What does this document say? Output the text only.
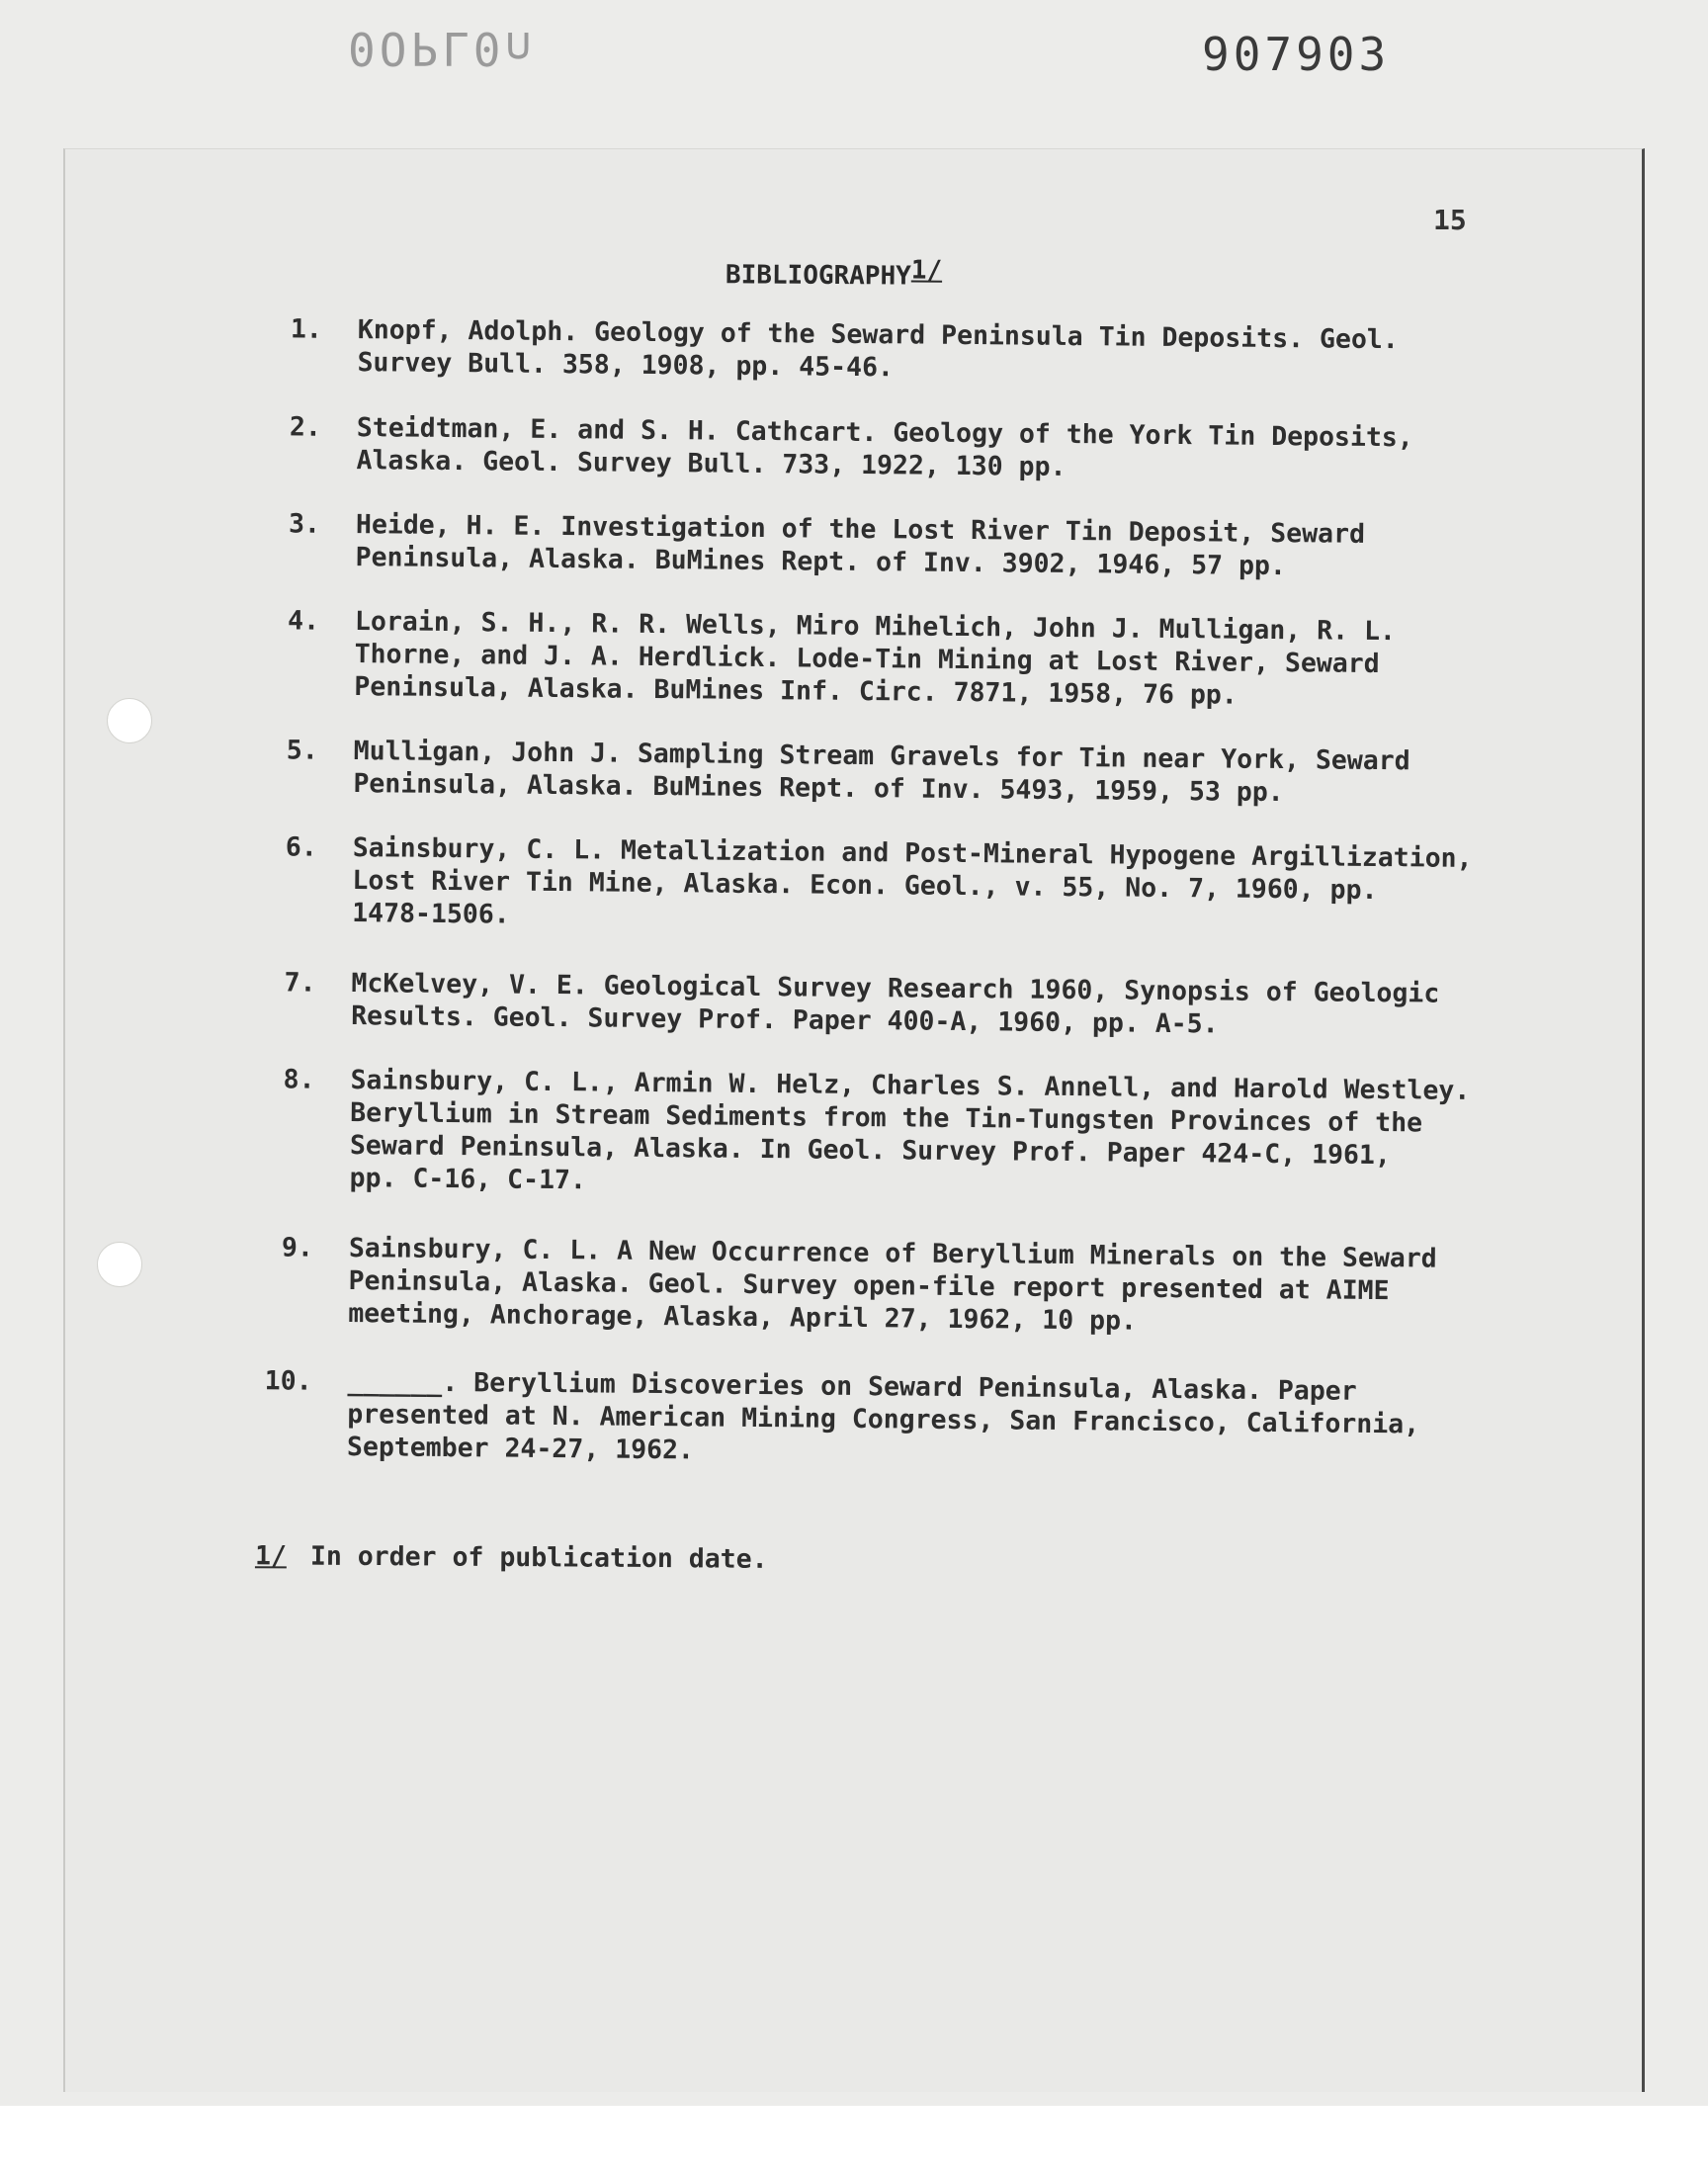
0OPL0∩	907903
15
$BIBLIOGRAPHY^{1/}$
1. Knopf, Adolph. Geology of the Seward Peninsula Tin Deposits. Geol.
Survey Bull. 358, 1908, pp. 45-46.
2. Steidtman, E. and S. H. Cathcart. Geology of the York Tin Deposits,
Alaska. Geol. Survey Bull. 733, 1922, 130 pp.
3. Heide, H. E. Investigation of the Lost River Tin Deposit, Seward
Peninsula, Alaska. BuMines Rept. of Inv. 3902, 1946, 57 pp.
4. Lorain, S. H., R. R. Wells, Miro Mihelich, John J. Mulligan, R. L.
Thorne, and J. A. Herdlick. Lode-Tin Mining at Lost River, Seward
Peninsula, Alaska. BuMines Inf. Circ. 7871, 1958, 76 pp.
5. Mulligan, John J. Sampling Stream Gravels for Tin near York, Seward
Peninsula, Alaska. BuMines Rept. of Inv. 5493, 1959, 53 pp.
6. Sainsbury, C. L. Metallization and Post-Mineral Hypogene Argillization,
Lost River Tin Mine, Alaska. Econ. Geol., v. 55, No. 7, 1960, pp.
1478-1506.
7. McKelvey, V. E. Geological Survey Research 1960, Synopsis of Geologic
Results. Geol. Survey Prof. Paper 400-A, 1960, pp. A-5.
8. Sainsbury, C. L., Armin W. Helz, Charles S. Annell, and Harold Westley.
Beryllium in Stream Sediments from the Tin-Tungsten Provinces of the
Seward Peninsula, Alaska. In Geol. Survey Prof. Paper 424-C, 1961,
pp. C-16, C-17.
9. Sainsbury, C. L. A New Occurrence of Beryllium Minerals on the Seward
Peninsula, Alaska. Geol. Survey open-file report presented at AIME
meeting, Anchorage, Alaska, April 27, 1962, 10 pp.
10. ______. Beryllium Discoveries on Seward Peninsula, Alaska. Paper
presented at N. American Mining Congress, San Francisco, California,
September 24-27, 1962.
1/ In order of publication date.
